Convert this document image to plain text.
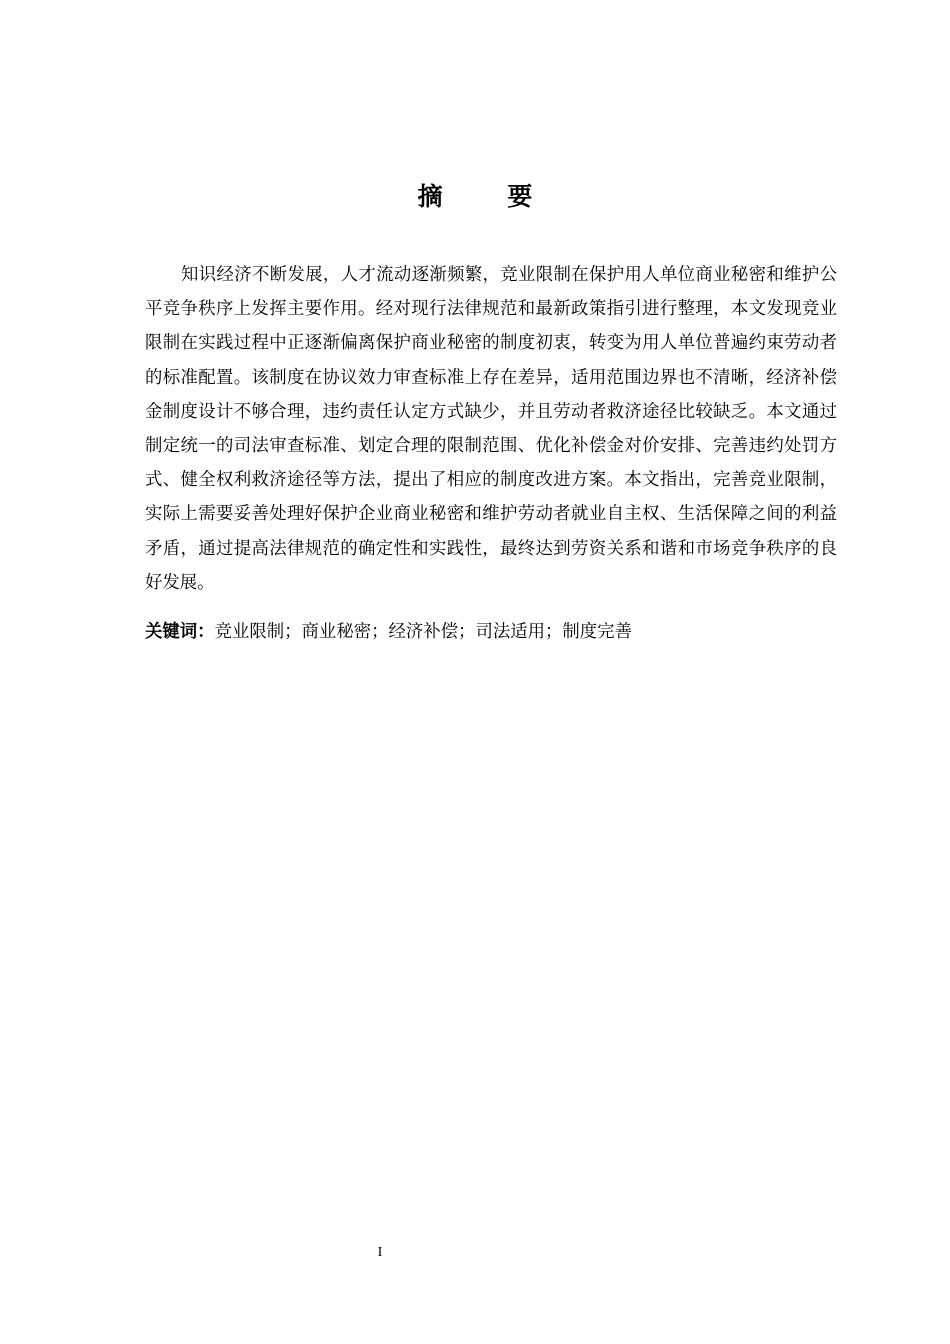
摘 要

知识经济不断发展，人才流动逐渐频繁，竞业限制在保护用人单位商业秘密和维护公平竞争秩序上发挥主要作用。经对现行法律规范和最新政策指引进行整理，本文发现竞业限制在实践过程中正逐渐偏离保护商业秘密的制度初衷，转变为用人单位普遍约束劳动者的标准配置。该制度在协议效力审查标准上存在差异，适用范围边界也不清晰，经济补偿金制度设计不够合理，违约责任认定方式缺少，并且劳动者救济途径比较缺乏。本文通过制定统一的司法审查标准、划定合理的限制范围、优化补偿金对价安排、完善违约处罚方式、健全权利救济途径等方法，提出了相应的制度改进方案。本文指出，完善竞业限制，实际上需要妥善处理好保护企业商业秘密和维护劳动者就业自主权、生活保障之间的利益矛盾，通过提高法律规范的确定性和实践性，最终达到劳资关系和谐和市场竞争秩序的良好发展。

关键词：竞业限制；商业秘密；经济补偿；司法适用；制度完善

I
